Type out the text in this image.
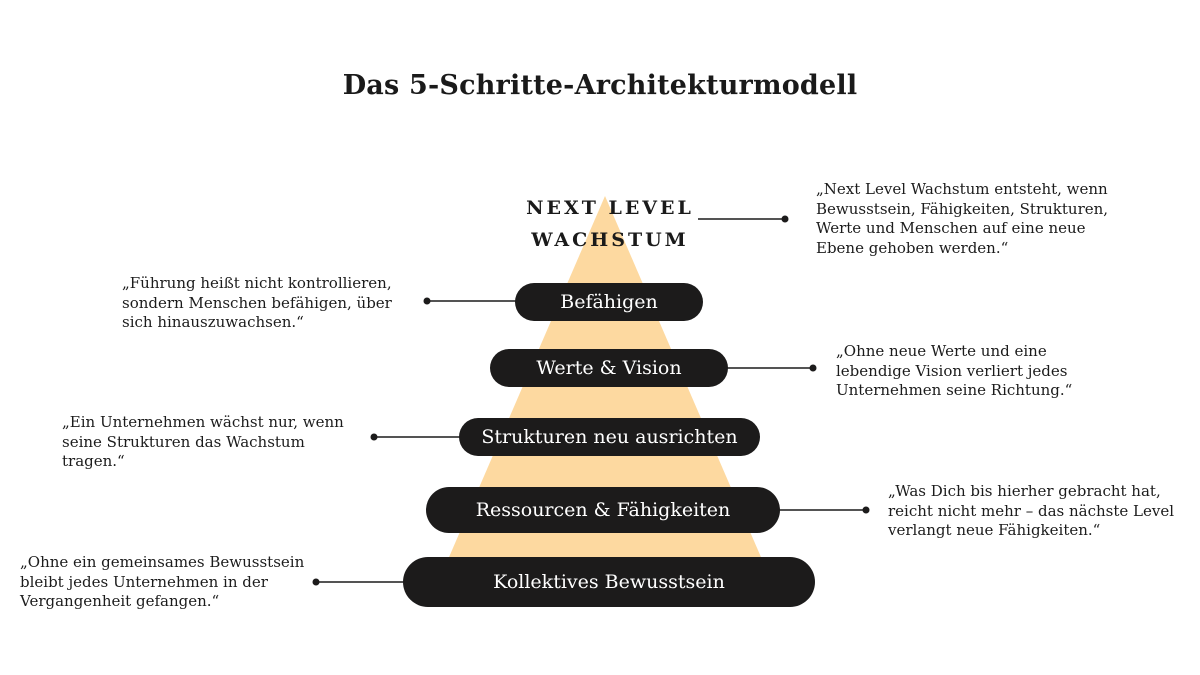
Das 5-Schritte-Architekturmodell
NEXT LEVEL
WACHSTUM
Befähigen
Werte & Vision
Strukturen neu ausrichten
Ressourcen & Fähigkeiten
Kollektives Bewusstsein

„Next Level Wachstum entsteht, wenn Bewusstsein, Fähigkeiten, Strukturen, Werte und Menschen auf eine neue Ebene gehoben werden.“

„Führung heißt nicht kontrollieren, sondern Menschen befähigen, über sich hinauszuwachsen.“

„Ohne neue Werte und eine lebendige Vision verliert jedes Unternehmen seine Richtung.“

„Ein Unternehmen wächst nur, wenn seine Strukturen das Wachstum tragen.“

„Was Dich bis hierher gebracht hat, reicht nicht mehr – das nächste Level verlangt neue Fähigkeiten.“

„Ohne ein gemeinsames Bewusstsein bleibt jedes Unternehmen in der Vergangenheit gefangen.“
